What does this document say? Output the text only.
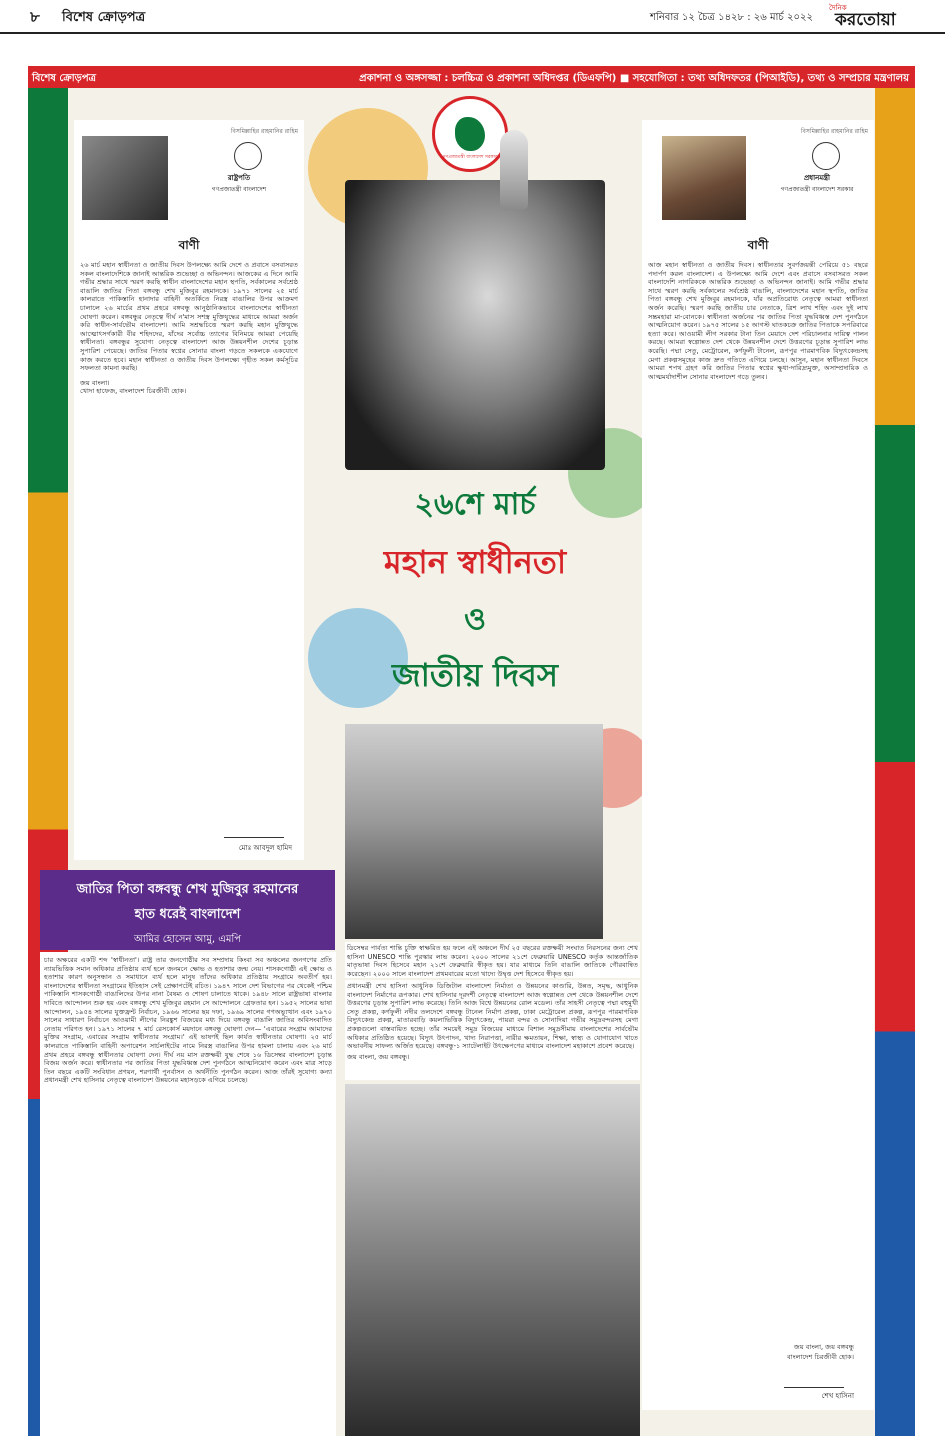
৮ বিশেষ ক্রোড়পত্র	শনিবার ১২ চৈত্র ১৪২৮ : ২৬ মার্চ ২০২২
দৈনিক
করতোয়া
বিশেষ ক্রোড়পত্র	প্রকাশনা ও অঙ্গসজ্জা : চলচ্চিত্র ও প্রকাশনা অধিদপ্তর (ডিএফপি) ■ সহযোগিতা : তথ্য অধিদফতর (পিআইডি), তথ্য ও সম্প্রচার মন্ত্রণালয়
বিসমিল্লাহির রাহমানির রাহিম
রাষ্ট্রপতি
গণপ্রজাতন্ত্রী বাংলাদেশ
বাণী

২৬ মার্চ মহান স্বাধীনতা ও জাতীয় দিবস উপলক্ষ্যে আমি দেশে ও প্রবাসে বসবাসরত সকল বাংলাদেশিকে জানাই আন্তরিক শুভেচ্ছা ও অভিনন্দন। আজকের এ দিনে আমি গভীর শ্রদ্ধার সাথে স্মরণ করছি স্বাধীন বাংলাদেশের মহান স্থপতি, সর্বকালের সর্বশ্রেষ্ঠ বাঙালি জাতির পিতা বঙ্গবন্ধু শেখ মুজিবুর রহমানকে। ১৯৭১ সালের ২৫ মার্চ কালরাতে পাকিস্তানি হানাদার বাহিনী অতর্কিতে নিরস্ত্র বাঙালির উপর আক্রমণ চালালে ২৬ মার্চের প্রথম প্রহরে বঙ্গবন্ধু আনুষ্ঠানিকভাবে বাংলাদেশের স্বাধীনতা ঘোষণা করেন। বঙ্গবন্ধুর নেতৃত্বে দীর্ঘ ন'মাস সশস্ত্র মুক্তিযুদ্ধের মাধ্যমে আমরা অর্জন করি স্বাধীন-সার্বভৌম বাংলাদেশ। আমি সশ্রদ্ধচিত্তে স্মরণ করছি মহান মুক্তিযুদ্ধে আত্মোৎসর্গকারী বীর শহিদদের, যাঁদের সর্বোচ্চ ত্যাগের বিনিময়ে আমরা পেয়েছি স্বাধীনতা। বঙ্গবন্ধুর সুযোগ্য নেতৃত্বে বাংলাদেশ আজ উন্নয়নশীল দেশের চূড়ান্ত সুপারিশ পেয়েছে। জাতির পিতার স্বপ্নের সোনার বাংলা গড়তে সকলকে একযোগে কাজ করতে হবে। মহান স্বাধীনতা ও জাতীয় দিবস উপলক্ষ্যে গৃহীত সকল কর্মসূচির সফলতা কামনা করছি।

জয় বাংলা।

খোদা হাফেজ, বাংলাদেশ চিরজীবী হোক।

মোঃ আবদুল হামিদ
বিসমিল্লাহির রাহমানির রাহিম
প্রধানমন্ত্রী
গণপ্রজাতন্ত্রী বাংলাদেশ সরকার
বাণী

আজ মহান স্বাধীনতা ও জাতীয় দিবস। স্বাধীনতার সুবর্ণজয়ন্তী পেরিয়ে ৫১ বছরে পদার্পণ করল বাংলাদেশ। এ উপলক্ষ্যে আমি দেশে এবং প্রবাসে বসবাসরত সকল বাংলাদেশি নাগরিককে আন্তরিক শুভেচ্ছা ও অভিনন্দন জানাই। আমি গভীর শ্রদ্ধার সাথে স্মরণ করছি সর্বকালের সর্বশ্রেষ্ঠ বাঙালি, বাংলাদেশের মহান স্থপতি, জাতির পিতা বঙ্গবন্ধু শেখ মুজিবুর রহমানকে, যাঁর অপ্রতিরোধ্য নেতৃত্বে আমরা স্বাধীনতা অর্জন করেছি। স্মরণ করছি জাতীয় চার নেতাকে, ত্রিশ লাখ শহিদ এবং দুই লাখ সম্ভ্রমহারা মা-বোনকে। স্বাধীনতা অর্জনের পর জাতির পিতা যুদ্ধবিধ্বস্ত দেশ পুনর্গঠনে আত্মনিয়োগ করেন। ১৯৭৫ সালের ১৫ আগস্ট ঘাতকচক্র জাতির পিতাকে সপরিবারে হত্যা করে। আওয়ামী লীগ সরকার টানা তিন মেয়াদে দেশ পরিচালনার দায়িত্ব পালন করছে। আমরা স্বল্পোন্নত দেশ থেকে উন্নয়নশীল দেশে উত্তরণের চূড়ান্ত সুপারিশ লাভ করেছি। পদ্মা সেতু, মেট্রোরেল, কর্ণফুলী টানেল, রূপপুর পারমাণবিক বিদ্যুৎকেন্দ্রসহ মেগা প্রকল্পসমূহের কাজ দ্রুত গতিতে এগিয়ে চলছে। আসুন, মহান স্বাধীনতা দিবসে আমরা শপথ গ্রহণ করি জাতির পিতার স্বপ্নের ক্ষুধা-দারিদ্র্যমুক্ত, অসাম্প্রদায়িক ও আত্মমর্যাদাশীল সোনার বাংলাদেশ গড়ে তুলব।

জয় বাংলা, জয় বঙ্গবন্ধু

বাংলাদেশ চিরজীবী হোক।

শেখ হাসিনা
গণপ্রজাতন্ত্রী বাংলাদেশ সরকার
২৬শে মার্চ
মহান স্বাধীনতা
ও
জাতীয় দিবস

ডিসেম্বর পার্বত্য শান্তি চুক্তি স্বাক্ষরিত হয় ফলে এই অঞ্চলে দীর্ঘ ২৫ বছরের রক্তক্ষয়ী সংঘাত নিরসনের জন্য শেখ হাসিনা UNESCO শান্তি পুরস্কার লাভ করেন। ২০০০ সালের ২১শে ফেব্রুয়ারি UNESCO কর্তৃক আন্তর্জাতিক মাতৃভাষা দিবস হিসেবে মহান ২১শে ফেব্রুয়ারি স্বীকৃত হয়। যার মাধ্যমে তিনি বাঙালি জাতিকে গৌরবান্বিত করেছেন। ২০০০ সালে বাংলাদেশ প্রথমবারের মতো খাদ্যে উদ্বৃত্ত দেশ হিসেবে স্বীকৃত হয়।

জাতির পিতা বঙ্গবন্ধু শেখ মুজিবুর রহমানের
হাত ধরেই বাংলাদেশ
আমির হোসেন আমু, এমপি

চার অক্ষরের একটি শব্দ 'স্বাধীনতা'। রাষ্ট্র তার জনগোষ্ঠীর সব সম্প্রদায় কিংবা সব অঞ্চলের জনগণের প্রতি ন্যায়ভিত্তিক সমান অধিকার প্রতিষ্ঠায় ব্যর্থ হলে জনমনে ক্ষোভ ও হতাশার জন্ম নেয়। শাসকগোষ্ঠী এই ক্ষোভ ও হতাশার কারণ অনুসন্ধান ও সমাধানে ব্যর্থ হলে মানুষ তাঁদের অধিকার প্রতিষ্ঠায় সংগ্রামে অবতীর্ণ হয়। বাংলাদেশের স্বাধীনতা সংগ্রামের ইতিহাস সেই প্রেক্ষাপটেই রচিত। ১৯৪৭ সালে দেশ বিভাগের পর থেকেই পশ্চিম পাকিস্তানি শাসকগোষ্ঠী বাঙালিদের উপর নানা বৈষম্য ও শোষণ চালাতে থাকে। ১৯৪৮ সালে রাষ্ট্রভাষা বাংলার দাবিতে আন্দোলন শুরু হয় এবং বঙ্গবন্ধু শেখ মুজিবুর রহমান সে আন্দোলনে গ্রেফতার হন। ১৯৫২ সালের ভাষা আন্দোলন, ১৯৫৪ সালের যুক্তফ্রন্ট নির্বাচন, ১৯৬৬ সালের ছয় দফা, ১৯৬৯ সালের গণঅভ্যুত্থান এবং ১৯৭০ সালের সাধারণ নির্বাচনে আওয়ামী লীগের নিরঙ্কুশ বিজয়ের মধ্য দিয়ে বঙ্গবন্ধু বাঙালি জাতির অবিসংবাদিত নেতায় পরিণত হন। ১৯৭১ সালের ৭ মার্চ রেসকোর্স ময়দানে বঙ্গবন্ধু ঘোষণা দেন— 'এবারের সংগ্রাম আমাদের মুক্তির সংগ্রাম, এবারের সংগ্রাম স্বাধীনতার সংগ্রাম।' এই ভাষণই ছিল কার্যত স্বাধীনতার ঘোষণা। ২৫ মার্চ কালরাতে পাকিস্তানি বাহিনী অপারেশন সার্চলাইটের নামে নিরস্ত্র বাঙালির উপর হামলা চালায় এবং ২৬ মার্চ প্রথম প্রহরে বঙ্গবন্ধু স্বাধীনতার ঘোষণা দেন। দীর্ঘ নয় মাস রক্তক্ষয়ী যুদ্ধ শেষে ১৬ ডিসেম্বর বাংলাদেশ চূড়ান্ত বিজয় অর্জন করে। স্বাধীনতার পর জাতির পিতা যুদ্ধবিধ্বস্ত দেশ পুনর্গঠনে আত্মনিয়োগ করেন এবং মাত্র সাড়ে তিন বছরে একটি সংবিধান প্রণয়ন, শরণার্থী পুনর্বাসন ও অর্থনীতি পুনর্গঠন করেন। আজ তাঁরই সুযোগ্য কন্যা প্রধানমন্ত্রী শেখ হাসিনার নেতৃত্বে বাংলাদেশ উন্নয়নের মহাসড়কে এগিয়ে চলেছে।

প্রধানমন্ত্রী শেখ হাসিনা আধুনিক ডিজিটাল বাংলাদেশ নির্মাতা ও উন্নয়নের কাণ্ডারি, উন্নত, সমৃদ্ধ, আধুনিক বাংলাদেশ নির্মাণের রূপকার। শেখ হাসিনার দূরদর্শী নেতৃত্বে বাংলাদেশ আজ স্বল্পোন্নত দেশ থেকে উন্নয়নশীল দেশে উত্তরণের চূড়ান্ত সুপারিশ লাভ করেছে। তিনি আজ বিশ্বে উন্নয়নের রোল মডেল। তাঁর সাহসী নেতৃত্বে পদ্মা বহুমুখী সেতু প্রকল্প, কর্ণফুলী নদীর তলদেশে বঙ্গবন্ধু টানেল নির্মাণ প্রকল্প, ঢাকা মেট্রোরেল প্রকল্প, রূপপুর পারমাণবিক বিদ্যুৎকেন্দ্র প্রকল্প, মাতারবাড়ি কয়লাভিত্তিক বিদ্যুৎকেন্দ্র, পায়রা বন্দর ও সোনাদিয়া গভীর সমুদ্রবন্দরসহ মেগা প্রকল্পগুলো বাস্তবায়িত হচ্ছে। তাঁর সময়েই সমুদ্র বিজয়ের মাধ্যমে বিশাল সমুদ্রসীমায় বাংলাদেশের সার্বভৌম অধিকার প্রতিষ্ঠিত হয়েছে। বিদ্যুৎ উৎপাদন, খাদ্য নিরাপত্তা, নারীর ক্ষমতায়ন, শিক্ষা, স্বাস্থ্য ও যোগাযোগ খাতে অভাবনীয় সাফল্য অর্জিত হয়েছে। বঙ্গবন্ধু-১ স্যাটেলাইট উৎক্ষেপণের মাধ্যমে বাংলাদেশ মহাকাশে প্রবেশ করেছে।

জয় বাংলা, জয় বঙ্গবন্ধু।
